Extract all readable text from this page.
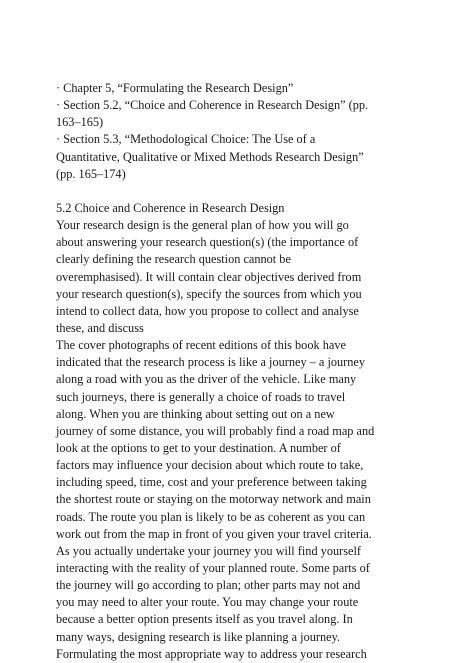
· Chapter 5, “Formulating the Research Design”
· Section 5.2, “Choice and Coherence in Research Design” (pp.
163–165)
· Section 5.3, “Methodological Choice: The Use of a
Quantitative, Qualitative or Mixed Methods Research Design”
(pp. 165–174)
5.2 Choice and Coherence in Research Design
Your research design is the general plan of how you will go
about answering your research question(s) (the importance of
clearly defining the research question cannot be
overemphasised). It will contain clear objectives derived from
your research question(s), specify the sources from which you
intend to collect data, how you propose to collect and analyse
these, and discuss
The cover photographs of recent editions of this book have
indicated that the research process is like a journey – a journey
along a road with you as the driver of the vehicle. Like many
such journeys, there is generally a choice of roads to travel
along. When you are thinking about setting out on a new
journey of some distance, you will probably find a road map and
look at the options to get to your destination. A number of
factors may influence your decision about which route to take,
including speed, time, cost and your preference between taking
the shortest route or staying on the motorway network and main
roads. The route you plan is likely to be as coherent as you can
work out from the map in front of you given your travel criteria.
As you actually undertake your journey you will find yourself
interacting with the reality of your planned route. Some parts of
the journey will go according to plan; other parts may not and
you may need to alter your route. You may change your route
because a better option presents itself as you travel along. In
many ways, designing research is like planning a journey.
Formulating the most appropriate way to address your research
